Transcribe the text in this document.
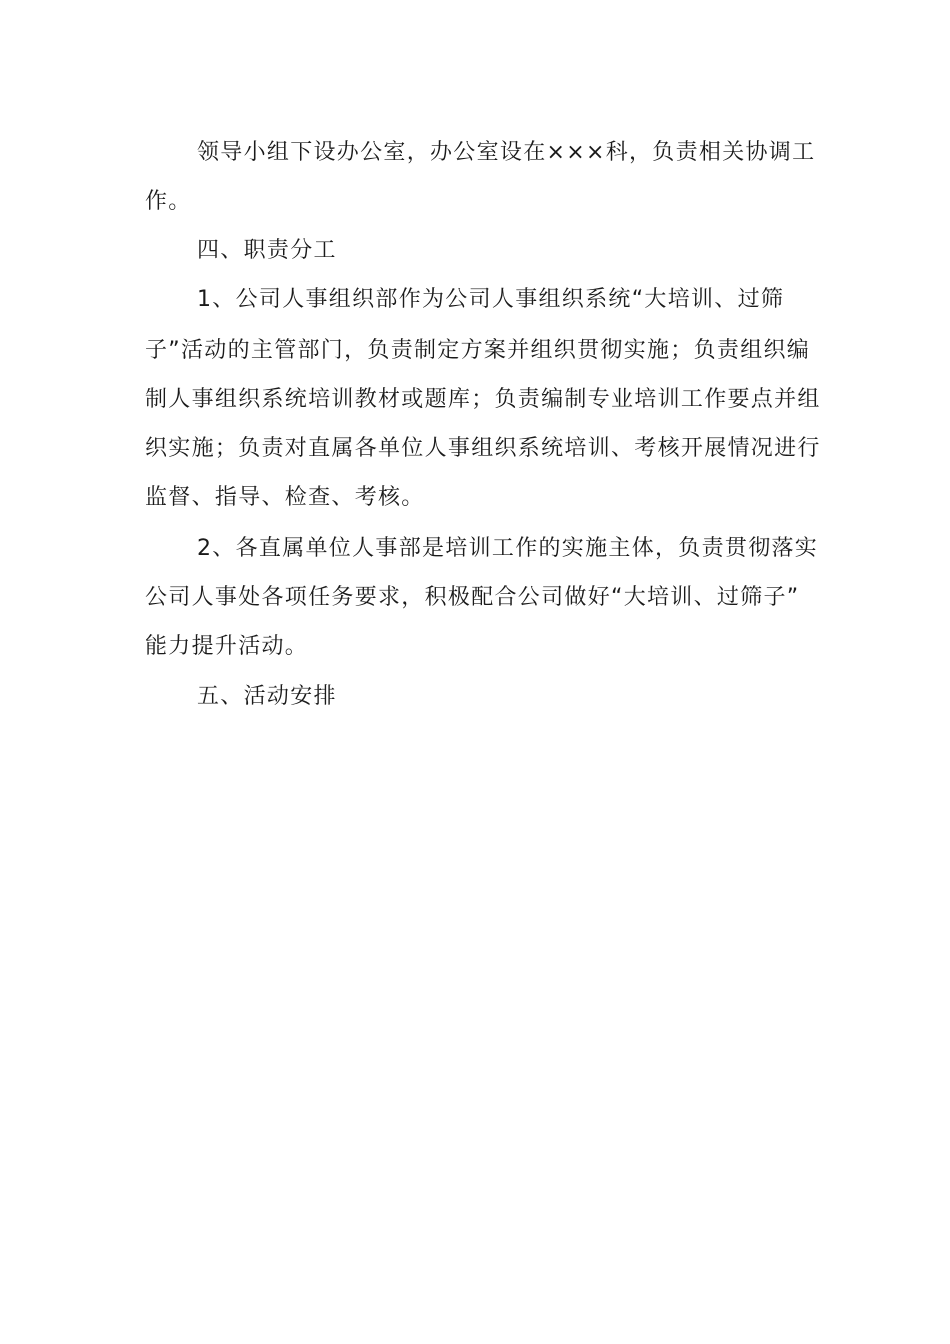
领导小组下设办公室，办公室设在×××科，负责相关协调工
作。
四、职责分工
1、公司人事组织部作为公司人事组织系统“大培训、过筛
子”活动的主管部门，负责制定方案并组织贯彻实施；负责组织编
制人事组织系统培训教材或题库；负责编制专业培训工作要点并组
织实施；负责对直属各单位人事组织系统培训、考核开展情况进行
监督、指导、检查、考核。
2、各直属单位人事部是培训工作的实施主体，负责贯彻落实
公司人事处各项任务要求，积极配合公司做好“大培训、过筛子”
能力提升活动。
五、活动安排
